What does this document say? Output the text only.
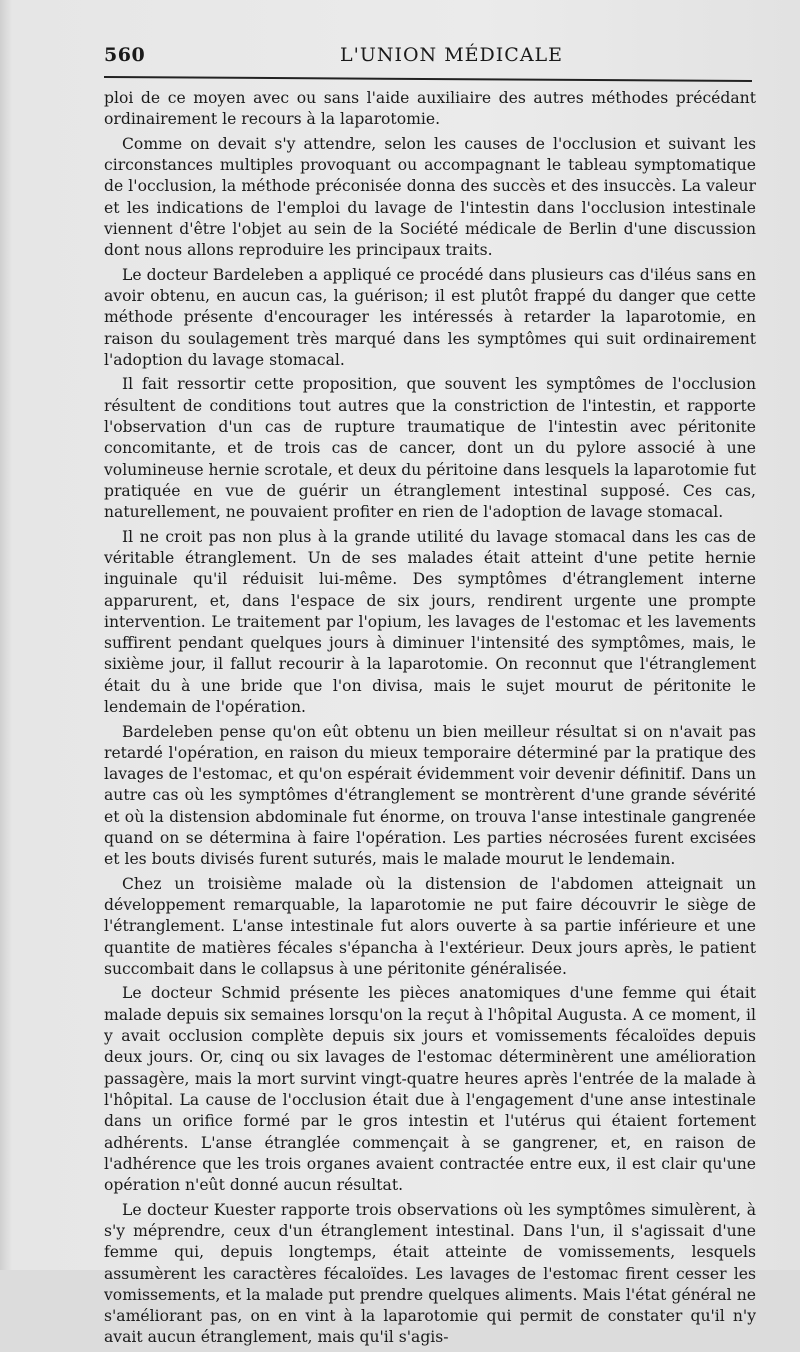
560	L'UNION MÉDICALE

ploi de ce moyen avec ou sans l'aide auxiliaire des autres méthodes précédant ordinairement le recours à la laparotomie.

Comme on devait s'y attendre, selon les causes de l'occlusion et suivant les circonstances multiples provoquant ou accompagnant le tableau symptomatique de l'occlusion, la méthode préconisée donna des succès et des insuccès. La valeur et les indications de l'emploi du lavage de l'intestin dans l'occlusion intestinale viennent d'être l'objet au sein de la Société médicale de Berlin d'une discussion dont nous allons reproduire les principaux traits.

Le docteur Bardeleben a appliqué ce procédé dans plusieurs cas d'iléus sans en avoir obtenu, en aucun cas, la guérison; il est plutôt frappé du danger que cette méthode présente d'encourager les intéressés à retarder la laparotomie, en raison du soulagement très marqué dans les symptômes qui suit ordinairement l'adoption du lavage stomacal.

Il fait ressortir cette proposition, que souvent les symptômes de l'occlusion résultent de conditions tout autres que la constriction de l'intestin, et rapporte l'observation d'un cas de rupture traumatique de l'intestin avec péritonite concomitante, et de trois cas de cancer, dont un du pylore associé à une volumineuse hernie scrotale, et deux du péritoine dans lesquels la laparotomie fut pratiquée en vue de guérir un étranglement intestinal supposé. Ces cas, naturellement, ne pouvaient profiter en rien de l'adoption de lavage stomacal.

Il ne croit pas non plus à la grande utilité du lavage stomacal dans les cas de véritable étranglement. Un de ses malades était atteint d'une petite hernie inguinale qu'il réduisit lui-même. Des symptômes d'étranglement interne apparurent, et, dans l'espace de six jours, rendirent urgente une prompte intervention. Le traitement par l'opium, les lavages de l'estomac et les lavements suffirent pendant quelques jours à diminuer l'intensité des symptômes, mais, le sixième jour, il fallut recourir à la laparotomie. On reconnut que l'étranglement était du à une bride que l'on divisa, mais le sujet mourut de péritonite le lendemain de l'opération.

Bardeleben pense qu'on eût obtenu un bien meilleur résultat si on n'avait pas retardé l'opération, en raison du mieux temporaire déterminé par la pratique des lavages de l'estomac, et qu'on espérait évidemment voir devenir définitif. Dans un autre cas où les symptômes d'étranglement se montrèrent d'une grande sévérité et où la distension abdominale fut énorme, on trouva l'anse intestinale gangrenée quand on se détermina à faire l'opération. Les parties nécrosées furent excisées et les bouts divisés furent suturés, mais le malade mourut le lendemain.

Chez un troisième malade où la distension de l'abdomen atteignait un développement remarquable, la laparotomie ne put faire découvrir le siège de l'étranglement. L'anse intestinale fut alors ouverte à sa partie inférieure et une quantite de matières fécales s'épancha à l'extérieur. Deux jours après, le patient succombait dans le collapsus à une péritonite généralisée.

Le docteur Schmid présente les pièces anatomiques d'une femme qui était malade depuis six semaines lorsqu'on la reçut à l'hôpital Augusta. A ce moment, il y avait occlusion complète depuis six jours et vomissements fécaloïdes depuis deux jours. Or, cinq ou six lavages de l'estomac déterminèrent une amélioration passagère, mais la mort survint vingt-quatre heures après l'entrée de la malade à l'hôpital. La cause de l'occlusion était due à l'engagement d'une anse intestinale dans un orifice formé par le gros intestin et l'utérus qui étaient fortement adhérents. L'anse étranglée commençait à se gangrener, et, en raison de l'adhérence que les trois organes avaient contractée entre eux, il est clair qu'une opération n'eût donné aucun résultat.

Le docteur Kuester rapporte trois observations où les symptômes simulèrent, à s'y méprendre, ceux d'un étranglement intestinal. Dans l'un, il s'agissait d'une femme qui, depuis longtemps, était atteinte de vomissements, lesquels assumèrent les caractères fécaloïdes. Les lavages de l'estomac firent cesser les vomissements, et la malade put prendre quelques aliments. Mais l'état général ne s'améliorant pas, on en vint à la laparotomie qui permit de constater qu'il n'y avait aucun étranglement, mais qu'il s'agis-
